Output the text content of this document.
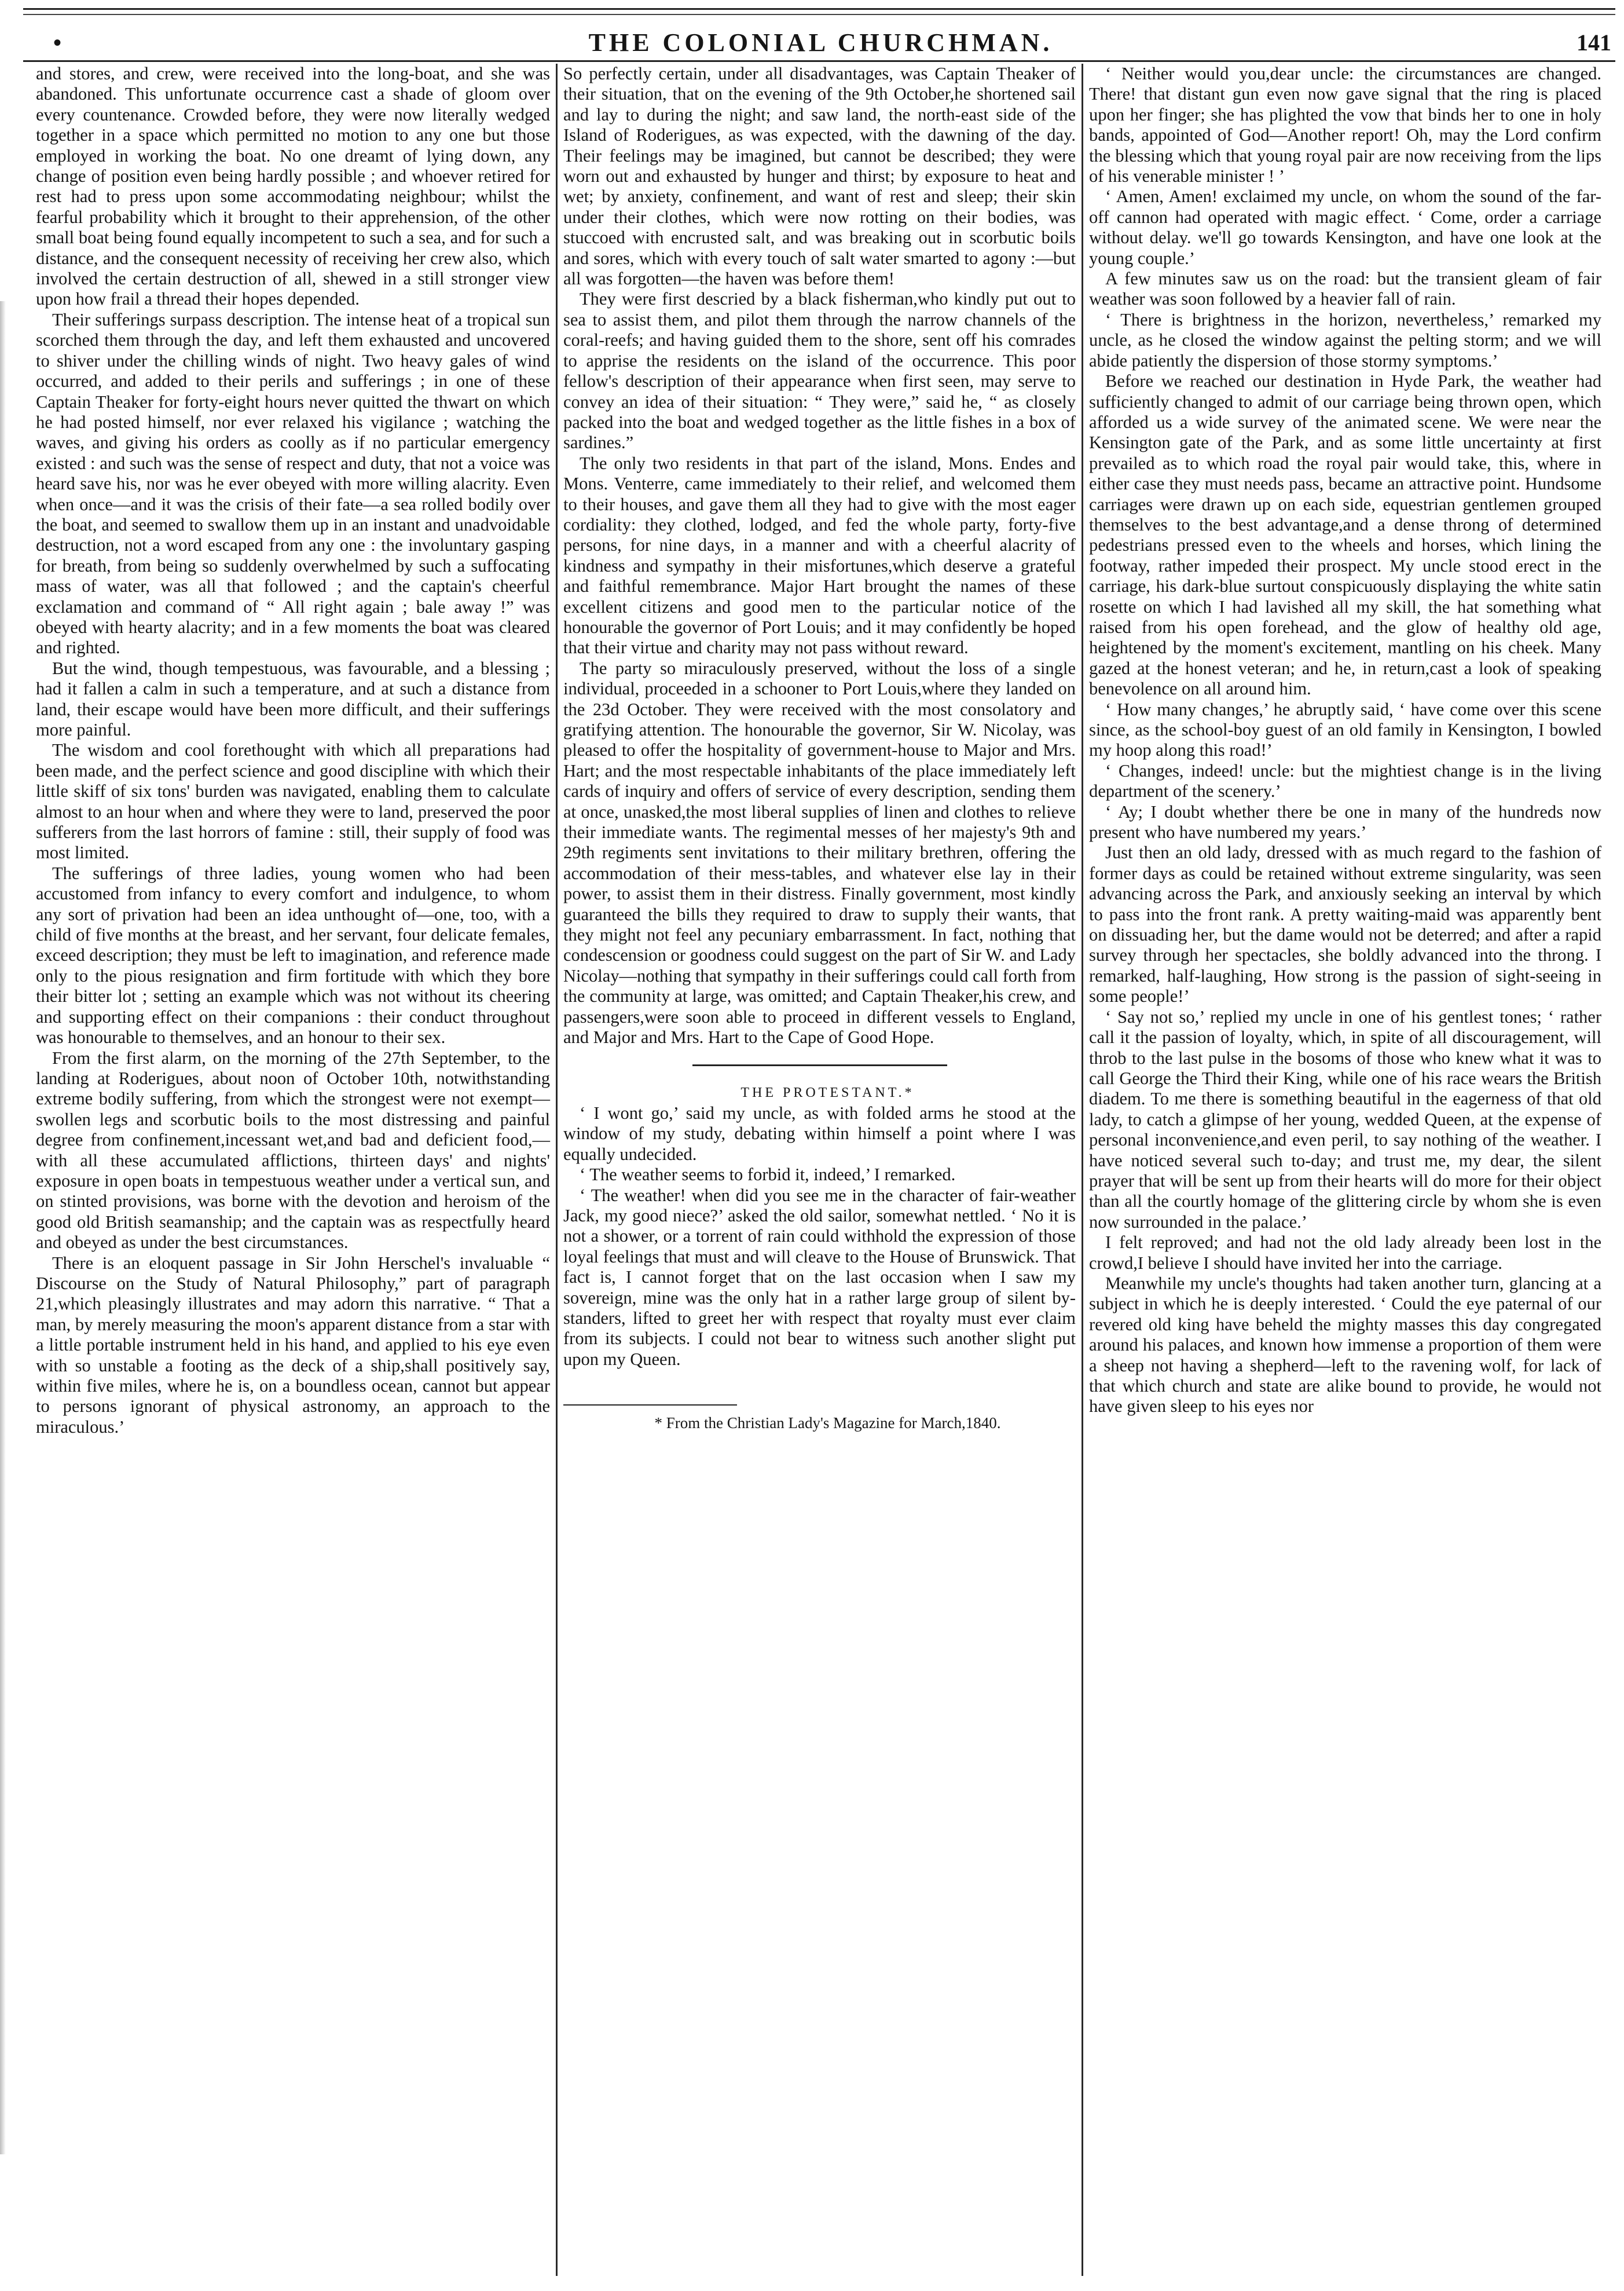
•	THE COLONIAL CHURCHMAN.	141

and stores, and crew, were received into the long-boat, and she was abandoned. This unfortunate occurrence cast a shade of gloom over every countenance. Crowded before, they were now literally wedged together in a space which permitted no motion to any one but those employed in working the boat. No one dreamt of lying down, any change of position even being hardly possible ; and whoever retired for rest had to press upon some accommodating neighbour; whilst the fearful probability which it brought to their apprehension, of the other small boat being found equally incompetent to such a sea, and for such a distance, and the consequent necessity of receiving her crew also, which involved the certain destruction of all, shewed in a still stronger view upon how frail a thread their hopes depended.

Their sufferings surpass description. The intense heat of a tropical sun scorched them through the day, and left them exhausted and uncovered to shiver under the chilling winds of night. Two heavy gales of wind occurred, and added to their perils and sufferings ; in one of these Captain Theaker for forty-eight hours never quitted the thwart on which he had posted himself, nor ever relaxed his vigilance ; watching the waves, and giving his orders as coolly as if no particular emergency existed : and such was the sense of respect and duty, that not a voice was heard save his, nor was he ever obeyed with more willing alacrity. Even when once—and it was the crisis of their fate—a sea rolled bodily over the boat, and seemed to swallow them up in an instant and unadvoidable destruction, not a word escaped from any one : the involuntary gasping for breath, from being so suddenly overwhelmed by such a suffocating mass of water, was all that followed ; and the captain's cheerful exclamation and command of “ All right again ; bale away !” was obeyed with hearty alacrity; and in a few moments the boat was cleared and righted.

But the wind, though tempestuous, was favourable, and a blessing ; had it fallen a calm in such a temperature, and at such a distance from land, their escape would have been more difficult, and their sufferings more painful.

The wisdom and cool forethought with which all preparations had been made, and the perfect science and good discipline with which their little skiff of six tons' burden was navigated, enabling them to calculate almost to an hour when and where they were to land, preserved the poor sufferers from the last horrors of famine : still, their supply of food was most limited.

The sufferings of three ladies, young women who had been accustomed from infancy to every comfort and indulgence, to whom any sort of privation had been an idea unthought of—one, too, with a child of five months at the breast, and her servant, four delicate females, exceed description; they must be left to imagination, and reference made only to the pious resignation and firm fortitude with which they bore their bitter lot ; setting an example which was not without its cheering and supporting effect on their companions : their conduct throughout was honourable to themselves, and an honour to their sex.

From the first alarm, on the morning of the 27th September, to the landing at Roderigues, about noon of October 10th, notwithstanding extreme bodily suffering, from which the strongest were not exempt—swollen legs and scorbutic boils to the most distressing and painful degree from confinement,incessant wet,and bad and deficient food,—with all these accumulated afflictions, thirteen days' and nights' exposure in open boats in tempestuous weather under a vertical sun, and on stinted provisions, was borne with the devotion and heroism of the good old British seamanship; and the captain was as respectfully heard and obeyed as under the best circumstances.

There is an eloquent passage in Sir John Herschel's invaluable “ Discourse on the Study of Natural Philosophy,” part of paragraph 21,which pleasingly illustrates and may adorn this narrative. “ That a man, by merely measuring the moon's apparent distance from a star with a little portable instrument held in his hand, and applied to his eye even with so unstable a footing as the deck of a ship,shall positively say, within five miles, where he is, on a boundless ocean, cannot but appear to persons ignorant of physical astronomy, an approach to the miraculous.’

So perfectly certain, under all disadvantages, was Captain Theaker of their situation, that on the evening of the 9th October,he shortened sail and lay to during the night; and saw land, the north-east side of the Island of Roderigues, as was expected, with the dawning of the day. Their feelings may be imagined, but cannot be described; they were worn out and exhausted by hunger and thirst; by exposure to heat and wet; by anxiety, confinement, and want of rest and sleep; their skin under their clothes, which were now rotting on their bodies, was stuccoed with encrusted salt, and was breaking out in scorbutic boils and sores, which with every touch of salt water smarted to agony :—but all was forgotten—the haven was before them!

They were first descried by a black fisherman,who kindly put out to sea to assist them, and pilot them through the narrow channels of the coral-reefs; and having guided them to the shore, sent off his comrades to apprise the residents on the island of the occurrence. This poor fellow's description of their appearance when first seen, may serve to convey an idea of their situation: “ They were,” said he, “ as closely packed into the boat and wedged together as the little fishes in a box of sardines.”

The only two residents in that part of the island, Mons. Endes and Mons. Venterre, came immediately to their relief, and welcomed them to their houses, and gave them all they had to give with the most eager cordiality: they clothed, lodged, and fed the whole party, forty-five persons, for nine days, in a manner and with a cheerful alacrity of kindness and sympathy in their misfortunes,which deserve a grateful and faithful remembrance. Major Hart brought the names of these excellent citizens and good men to the particular notice of the honourable the governor of Port Louis; and it may confidently be hoped that their virtue and charity may not pass without reward.

The party so miraculously preserved, without the loss of a single individual, proceeded in a schooner to Port Louis,where they landed on the 23d October. They were received with the most consolatory and gratifying attention. The honourable the governor, Sir W. Nicolay, was pleased to offer the hospitality of government-house to Major and Mrs. Hart; and the most respectable inhabitants of the place immediately left cards of inquiry and offers of service of every description, sending them at once, unasked,the most liberal supplies of linen and clothes to relieve their immediate wants. The regimental messes of her majesty's 9th and 29th regiments sent invitations to their military brethren, offering the accommodation of their mess-tables, and whatever else lay in their power, to assist them in their distress. Finally government, most kindly guaranteed the bills they required to draw to supply their wants, that they might not feel any pecuniary embarrassment. In fact, nothing that condescension or goodness could suggest on the part of Sir W. and Lady Nicolay—nothing that sympathy in their sufferings could call forth from the community at large, was omitted; and Captain Theaker,his crew, and passengers,were soon able to proceed in different vessels to England, and Major and Mrs. Hart to the Cape of Good Hope.

THE PROTESTANT.*

‘ I wont go,’ said my uncle, as with folded arms he stood at the window of my study, debating within himself a point where I was equally undecided.

‘ The weather seems to forbid it, indeed,’ I remarked.

‘ The weather! when did you see me in the character of fair-weather Jack, my good niece?’ asked the old sailor, somewhat nettled. ‘ No it is not a shower, or a torrent of rain could withhold the expression of those loyal feelings that must and will cleave to the House of Brunswick. That fact is, I cannot forget that on the last occasion when I saw my sovereign, mine was the only hat in a rather large group of silent by-standers, lifted to greet her with respect that royalty must ever claim from its subjects. I could not bear to witness such another slight put upon my Queen.

* From the Christian Lady's Magazine for March,1840.

‘ Neither would you,dear uncle: the circumstances are changed. There! that distant gun even now gave signal that the ring is placed upon her finger; she has plighted the vow that binds her to one in holy bands, appointed of God—Another report! Oh, may the Lord confirm the blessing which that young royal pair are now receiving from the lips of his venerable minister ! ’

‘ Amen, Amen! exclaimed my uncle, on whom the sound of the far-off cannon had operated with magic effect. ‘ Come, order a carriage without delay. we'll go towards Kensington, and have one look at the young couple.’

A few minutes saw us on the road: but the transient gleam of fair weather was soon followed by a heavier fall of rain.

‘ There is brightness in the horizon, nevertheless,’ remarked my uncle, as he closed the window against the pelting storm; and we will abide patiently the dispersion of those stormy symptoms.’

Before we reached our destination in Hyde Park, the weather had sufficiently changed to admit of our carriage being thrown open, which afforded us a wide survey of the animated scene. We were near the Kensington gate of the Park, and as some little uncertainty at first prevailed as to which road the royal pair would take, this, where in either case they must needs pass, became an attractive point. Hundsome carriages were drawn up on each side, equestrian gentlemen grouped themselves to the best advantage,and a dense throng of determined pedestrians pressed even to the wheels and horses, which lining the footway, rather impeded their prospect. My uncle stood erect in the carriage, his dark-blue surtout conspicuously displaying the white satin rosette on which I had lavished all my skill, the hat something what raised from his open forehead, and the glow of healthy old age, heightened by the moment's excitement, mantling on his cheek. Many gazed at the honest veteran; and he, in return,cast a look of speaking benevolence on all around him.

‘ How many changes,’ he abruptly said, ‘ have come over this scene since, as the school-boy guest of an old family in Kensington, I bowled my hoop along this road!’

‘ Changes, indeed! uncle: but the mightiest change is in the living department of the scenery.’

‘ Ay; I doubt whether there be one in many of the hundreds now present who have numbered my years.’

Just then an old lady, dressed with as much regard to the fashion of former days as could be retained without extreme singularity, was seen advancing across the Park, and anxiously seeking an interval by which to pass into the front rank. A pretty waiting-maid was apparently bent on dissuading her, but the dame would not be deterred; and after a rapid survey through her spectacles, she boldly advanced into the throng. I remarked, half-laughing, How strong is the passion of sight-seeing in some people!’

‘ Say not so,’ replied my uncle in one of his gentlest tones; ‘ rather call it the passion of loyalty, which, in spite of all discouragement, will throb to the last pulse in the bosoms of those who knew what it was to call George the Third their King, while one of his race wears the British diadem. To me there is something beautiful in the eagerness of that old lady, to catch a glimpse of her young, wedded Queen, at the expense of personal inconvenience,and even peril, to say nothing of the weather. I have noticed several such to-day; and trust me, my dear, the silent prayer that will be sent up from their hearts will do more for their object than all the courtly homage of the glittering circle by whom she is even now surrounded in the palace.’

I felt reproved; and had not the old lady already been lost in the crowd,I believe I should have invited her into the carriage.

Meanwhile my uncle's thoughts had taken another turn, glancing at a subject in which he is deeply interested. ‘ Could the eye paternal of our revered old king have beheld the mighty masses this day congregated around his palaces, and known how immense a proportion of them were a sheep not having a shepherd—left to the ravening wolf, for lack of that which church and state are alike bound to provide, he would not have given sleep to his eyes nor
